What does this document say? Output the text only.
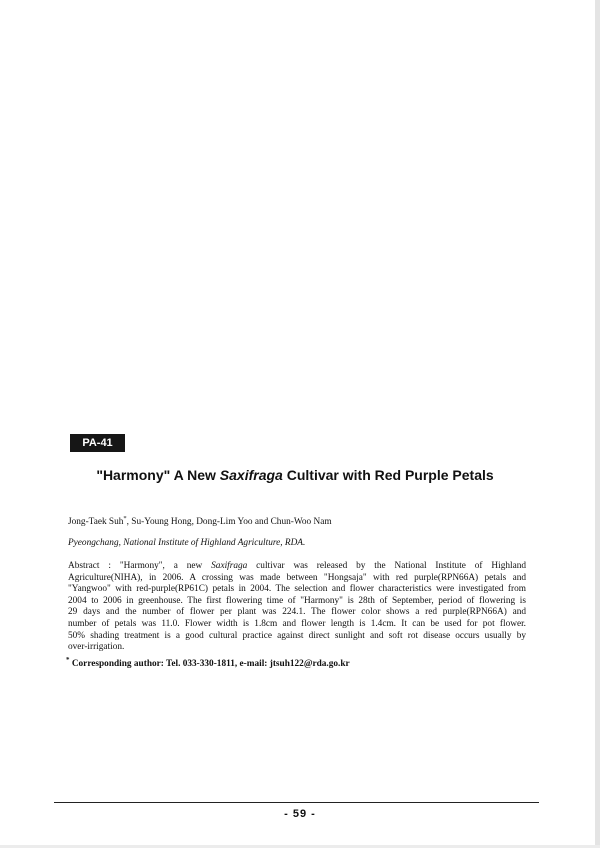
PA-41
"Harmony" A New Saxifraga Cultivar with Red Purple Petals
Jong-Taek Suh*, Su-Young Hong, Dong-Lim Yoo and Chun-Woo Nam
Pyeongchang, National Institute of Highland Agriculture, RDA.
Abstract : "Harmony", a new Saxifraga cultivar was released by the National Institute of Highland
Agriculture(NIHA), in 2006. A crossing was made between "Hongsaja" with red purple(RPN66A) petals and
"Yangwoo" with red-purple(RP61C) petals in 2004. The selection and flower characteristics were investigated from
2004 to 2006 in greenhouse. The first flowering time of "Harmony" is 28th of September, period of flowering is
29 days and the number of flower per plant was 224.1. The flower color shows a red purple(RPN66A) and
number of petals was 11.0. Flower width is 1.8cm and flower length is 1.4cm. It can be used for pot flower.
50% shading treatment is a good cultural practice against direct sunlight and soft rot disease occurs usually by
over-irrigation.
* Corresponding author: Tel. 033-330-1811, e-mail: jtsuh122@rda.go.kr
- 59 -
